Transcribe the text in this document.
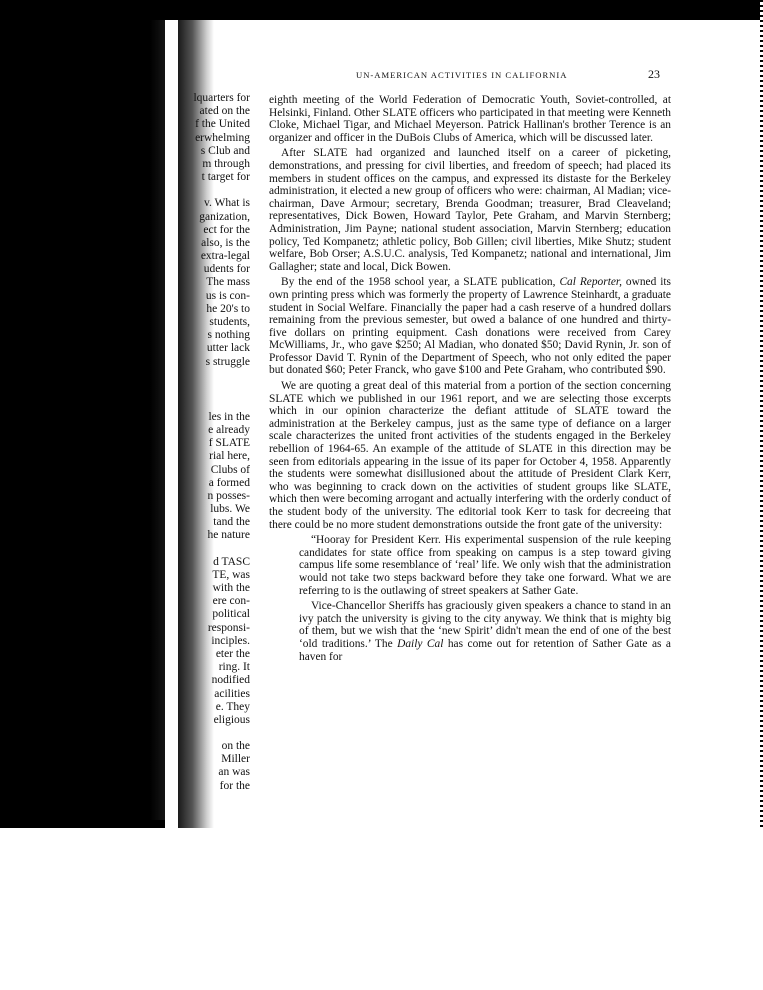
lquarters for
ated on the
f the United
erwhelming
s Club and
m through
t target for
v. What is
ganization,
ect for the
also, is the
extra-legal
udents for
The mass
us is con-
he 20's to
students,
s nothing
utter lack
s struggle
les in the
e already
f SLATE
rial here,
Clubs of
a formed
n posses-
lubs. We
tand the
he nature
d TASC
TE, was
with the
ere con-
political
responsi-
inciples.
eter the
ring. It
nodified
acilities
e. They
eligious
on the
Miller
an was
for the
UN-AMERICAN ACTIVITIES IN CALIFORNIA	23

eighth meeting of the World Federation of Democratic Youth, Soviet-controlled, at Helsinki, Finland. Other SLATE officers who participated in that meeting were Kenneth Cloke, Michael Tigar, and Michael Meyerson. Patrick Hallinan's brother Terence is an organizer and officer in the DuBois Clubs of America, which will be discussed later.

After SLATE had organized and launched itself on a career of picketing, demonstrations, and pressing for civil liberties, and freedom of speech; had placed its members in student offices on the campus, and expressed its distaste for the Berkeley administration, it elected a new group of officers who were: chairman, Al Madian; vice-chairman, Dave Armour; secretary, Brenda Goodman; treasurer, Brad Cleaveland; representatives, Dick Bowen, Howard Taylor, Pete Graham, and Marvin Sternberg; Administration, Jim Payne; national student association, Marvin Sternberg; education policy, Ted Kompanetz; athletic policy, Bob Gillen; civil liberties, Mike Shutz; student welfare, Bob Orser; A.S.U.C. analysis, Ted Kompanetz; national and international, Jim Gallagher; state and local, Dick Bowen.

By the end of the 1958 school year, a SLATE publication, Cal Reporter, owned its own printing press which was formerly the property of Lawrence Steinhardt, a graduate student in Social Welfare. Financially the paper had a cash reserve of a hundred dollars remaining from the previous semester, but owed a balance of one hundred and thirty-five dollars on printing equipment. Cash donations were received from Carey McWilliams, Jr., who gave $250; Al Madian, who donated $50; David Rynin, Jr. son of Professor David T. Rynin of the Department of Speech, who not only edited the paper but donated $60; Peter Franck, who gave $100 and Pete Graham, who contributed $90.

We are quoting a great deal of this material from a portion of the section concerning SLATE which we published in our 1961 report, and we are selecting those excerpts which in our opinion characterize the defiant attitude of SLATE toward the administration at the Berkeley campus, just as the same type of defiance on a larger scale characterizes the united front activities of the students engaged in the Berkeley rebellion of 1964-65. An example of the attitude of SLATE in this direction may be seen from editorials appearing in the issue of its paper for October 4, 1958. Apparently the students were somewhat disillusioned about the attitude of President Clark Kerr, who was beginning to crack down on the activities of student groups like SLATE, which then were becoming arrogant and actually interfering with the orderly conduct of the student body of the university. The editorial took Kerr to task for decreeing that there could be no more student demonstrations outside the front gate of the university:

“Hooray for President Kerr. His experimental suspension of the rule keeping candidates for state office from speaking on campus is a step toward giving campus life some resemblance of ‘real’ life. We only wish that the administration would not take two steps backward before they take one forward. What we are referring to is the outlawing of street speakers at Sather Gate.
Vice-Chancellor Sheriffs has graciously given speakers a chance to stand in an ivy patch the university is giving to the city anyway. We think that is mighty big of them, but we wish that the ‘new Spirit’ didn't mean the end of one of the best ‘old traditions.’ The Daily Cal has come out for retention of Sather Gate as a haven for
